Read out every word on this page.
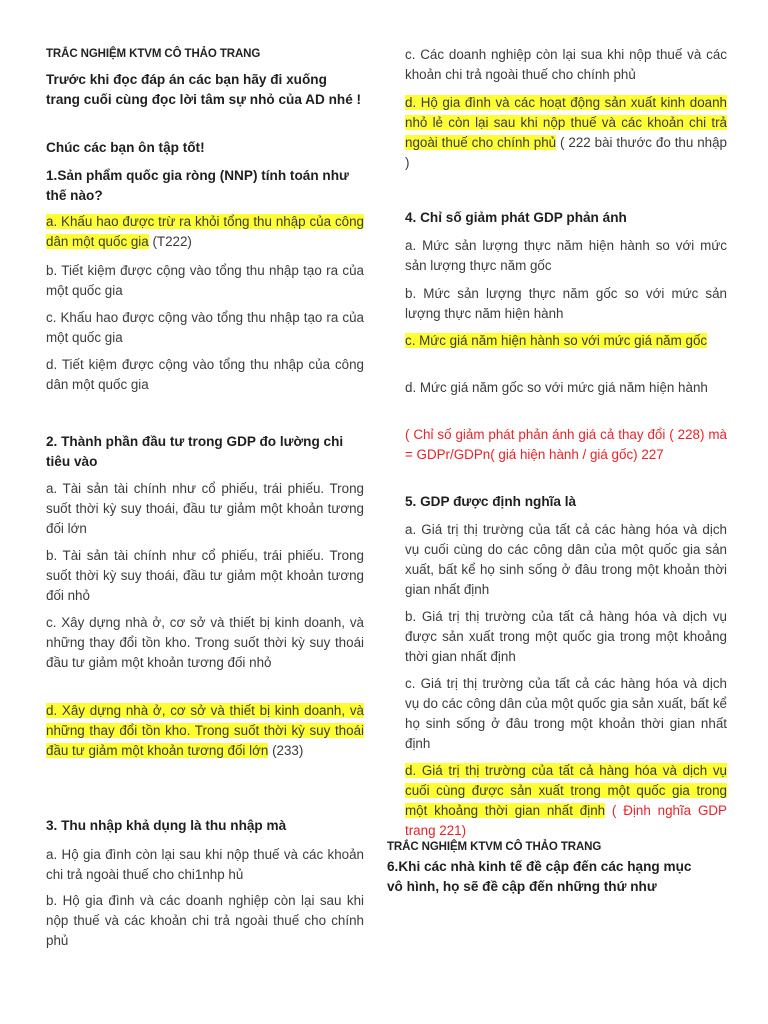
TRẮC NGHIỆM KTVM CÔ THẢO TRANG
Trước khi đọc đáp án các bạn hãy đi xuống trang cuối cùng đọc lời tâm sự nhỏ của AD nhé !
Chúc các bạn ôn tập tốt!
1.Sản phẩm quốc gia ròng (NNP) tính toán như thế nào?
a. Khấu hao được trừ ra khỏi tổng thu nhập của công dân một quốc gia (T222)
b. Tiết kiệm được cộng vào tổng thu nhập tạo ra của một quốc gia
c. Khấu hao được cộng vào tổng thu nhập tạo ra của một quốc gia
d. Tiết kiệm được cộng vào tổng thu nhập của công dân một quốc gia
2. Thành phần đầu tư trong GDP đo lường chi tiêu vào
a. Tài sản tài chính như cổ phiếu, trái phiếu. Trong suốt thời kỳ suy thoái, đầu tư giảm một khoản tương đối lớn
b. Tài sản tài chính như cổ phiếu, trái phiếu. Trong suốt thời kỳ suy thoái, đầu tư giảm một khoản tương đối nhỏ
c. Xây dựng nhà ở, cơ sở và thiết bị kinh doanh, và những thay đổi tồn kho. Trong suốt thời kỳ suy thoái đầu tư giảm một khoản tương đối nhỏ
d. Xây dựng nhà ở, cơ sở và thiết bị kinh doanh, và những thay đổi tồn kho. Trong suốt thời kỳ suy thoái đầu tư giảm một khoản tương đối lớn (233)
3. Thu nhập khả dụng là thu nhập mà
a. Hộ gia đình còn lại sau khi nộp thuế và các khoản chi trả ngoài thuế cho chi1nhp hủ
b. Hộ gia đình và các doanh nghiệp còn lại sau khi nộp thuế và các khoản chi trả ngoài thuế cho chính phủ
c. Các doanh nghiệp còn lại sua khi nộp thuế và các khoản chi trả ngoài thuế cho chính phủ
d. Hộ gia đình và các hoạt động sản xuất kinh doanh nhỏ lẻ còn lại sau khi nộp thuế và các khoản chi trả ngoài thuế cho chính phủ ( 222 bài thước đo thu nhập )
4. Chỉ số giảm phát GDP phản ánh
a. Mức sản lượng thực năm hiện hành so với mức sản lượng thực năm gốc
b. Mức sản lượng thực năm gốc so với mức sản lượng thực năm hiện hành
c. Mức giá năm hiện hành so với mức giá năm gốc
d. Mức giá năm gốc so với mức giá năm hiện hành
( Chỉ số giảm phát phản ánh giá cả thay đổi ( 228) mà = GDPr/GDPn( giá hiện hành / giá gốc) 227
5. GDP được định nghĩa là
a. Giá trị thị trường của tất cả các hàng hóa và dịch vụ cuối cùng do các công dân của một quốc gia sản xuất, bất kể họ sinh sống ở đâu trong một khoản thời gian nhất định
b. Giá trị thị trường của tất cả hàng hóa và dịch vụ được sản xuất trong một quốc gia trong một khoảng thời gian nhất định
c. Giá trị thị trường của tất cả các hàng hóa và dịch vụ do các công dân của một quốc gia sản xuất, bất kể họ sinh sống ở đâu trong một khoản thời gian nhất định
d. Giá trị thị trường của tất cả hàng hóa và dịch vụ cuối cùng được sản xuất trong một quốc gia trong một khoảng thời gian nhất định ( Định nghĩa GDP trang 221)
TRẮC NGHIỆM KTVM CÔ THẢO TRANG
6.Khi các nhà kinh tế đề cập đến các hạng mục vô hình, họ sẽ đề cập đến những thứ như
